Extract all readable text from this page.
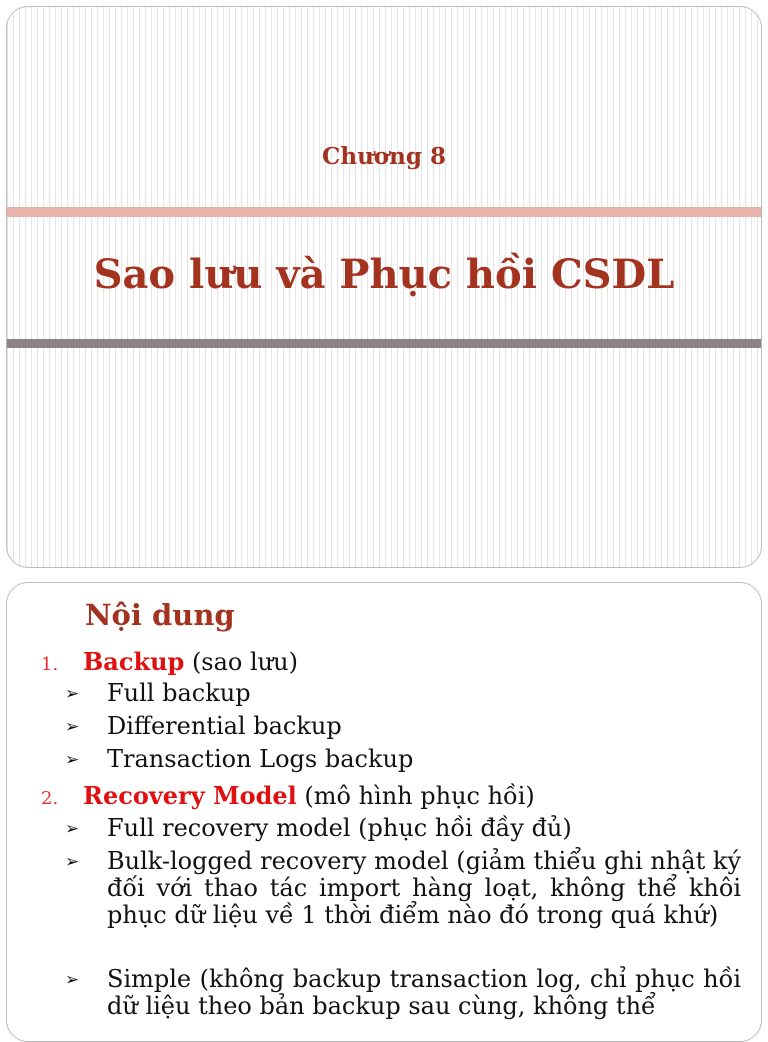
Chương 8
Sao lưu và Phục hồi CSDL
Nội dung
1. Backup (sao lưu)
➢	Full backup
➢	Differential backup
➢	Transaction Logs backup
2. Recovery Model (mô hình phục hồi)
➢	Full recovery model (phục hồi đầy đủ)
➢	Bulk-logged recovery model (giảm thiểu ghi nhật ký đối với thao tác import hàng loạt, không thể khôi phục dữ liệu về 1 thời điểm nào đó trong quá khứ)
➢	Simple (không backup transaction log, chỉ phục hồi dữ liệu theo bản backup sau cùng, không thể
